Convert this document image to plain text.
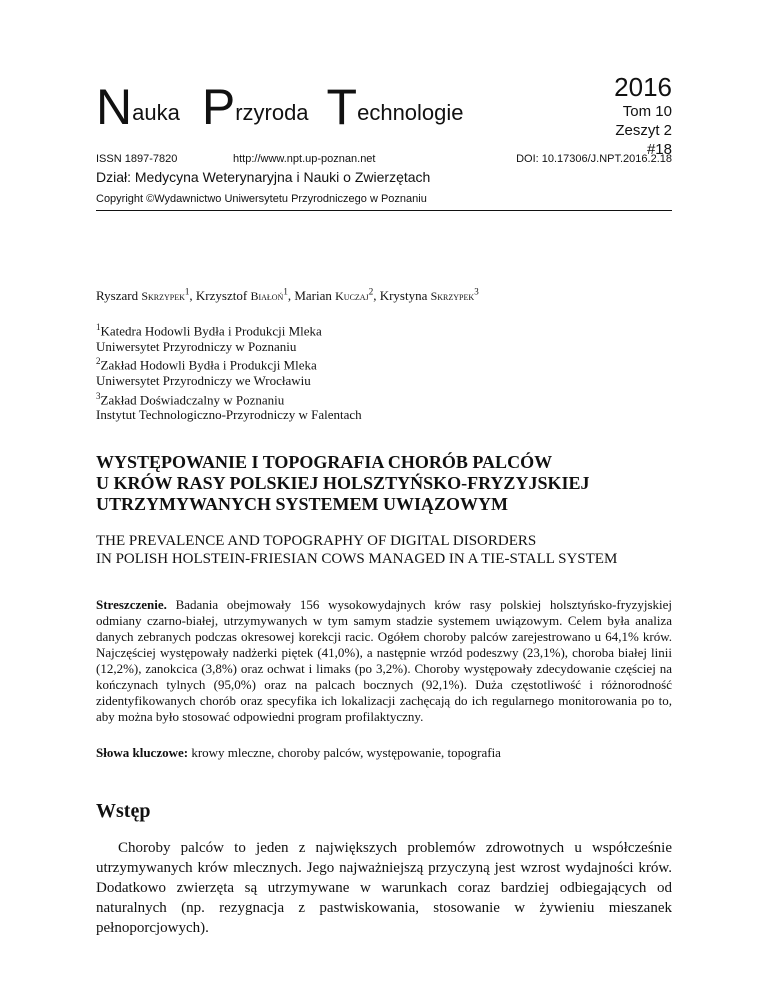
Nauka Przyroda Technologie
2016
Tom 10
Zeszyt 2
#18
ISSN 1897-7820	http://www.npt.up-poznan.net	DOI: 10.17306/J.NPT.2016.2.18
Dział: Medycyna Weterynaryjna i Nauki o Zwierzętach
Copyright ©Wydawnictwo Uniwersytetu Przyrodniczego w Poznaniu
Ryszard Skrzypek$^1$, Krzysztof Białoń$^1$, Marian Kuczaj$^2$, Krystyna Skrzypek$^3$
$^1$Katedra Hodowli Bydła i Produkcji Mleka
Uniwersytet Przyrodniczy w Poznaniu
$^2$Zakład Hodowli Bydła i Produkcji Mleka
Uniwersytet Przyrodniczy we Wrocławiu
$^3$Zakład Doświadczalny w Poznaniu
Instytut Technologiczno-Przyrodniczy w Falentach
WYSTĘPOWANIE I TOPOGRAFIA CHORÓB PALCÓW
U KRÓW RASY POLSKIEJ HOLSZTYŃSKO-FRYZYJSKIEJ
UTRZYMYWANYCH SYSTEMEM UWIĄZOWYM
THE PREVALENCE AND TOPOGRAPHY OF DIGITAL DISORDERS
IN POLISH HOLSTEIN-FRIESIAN COWS MANAGED IN A TIE-STALL SYSTEM

Streszczenie. Badania obejmowały 156 wysokowydajnych krów rasy polskiej holsztyńsko-fryzyjskiej odmiany czarno-białej, utrzymywanych w tym samym stadzie systemem uwiązowym. Celem była analiza danych zebranych podczas okresowej korekcji racic. Ogółem choroby palców zarejestrowano u 64,1% krów. Najczęściej występowały nadżerki piętek (41,0%), a następnie wrzód podeszwy (23,1%), choroba białej linii (12,2%), zanokcica (3,8%) oraz ochwat i limaks (po 3,2%). Choroby występowały zdecydowanie częściej na kończynach tylnych (95,0%) oraz na palcach bocznych (92,1%). Duża częstotliwość i różnorodność zidentyfikowanych chorób oraz specyfika ich lokalizacji zachęcają do ich regularnego monitorowania po to, aby można było stosować odpowiedni program profilaktyczny.

Słowa kluczowe: krowy mleczne, choroby palców, występowanie, topografia

Wstęp

Choroby palców to jeden z największych problemów zdrowotnych u współcześnie utrzymywanych krów mlecznych. Jego najważniejszą przyczyną jest wzrost wydajności krów. Dodatkowo zwierzęta są utrzymywane w warunkach coraz bardziej odbiegających od naturalnych (np. rezygnacja z pastwiskowania, stosowanie w żywieniu mieszanek pełnoporcjowych).
